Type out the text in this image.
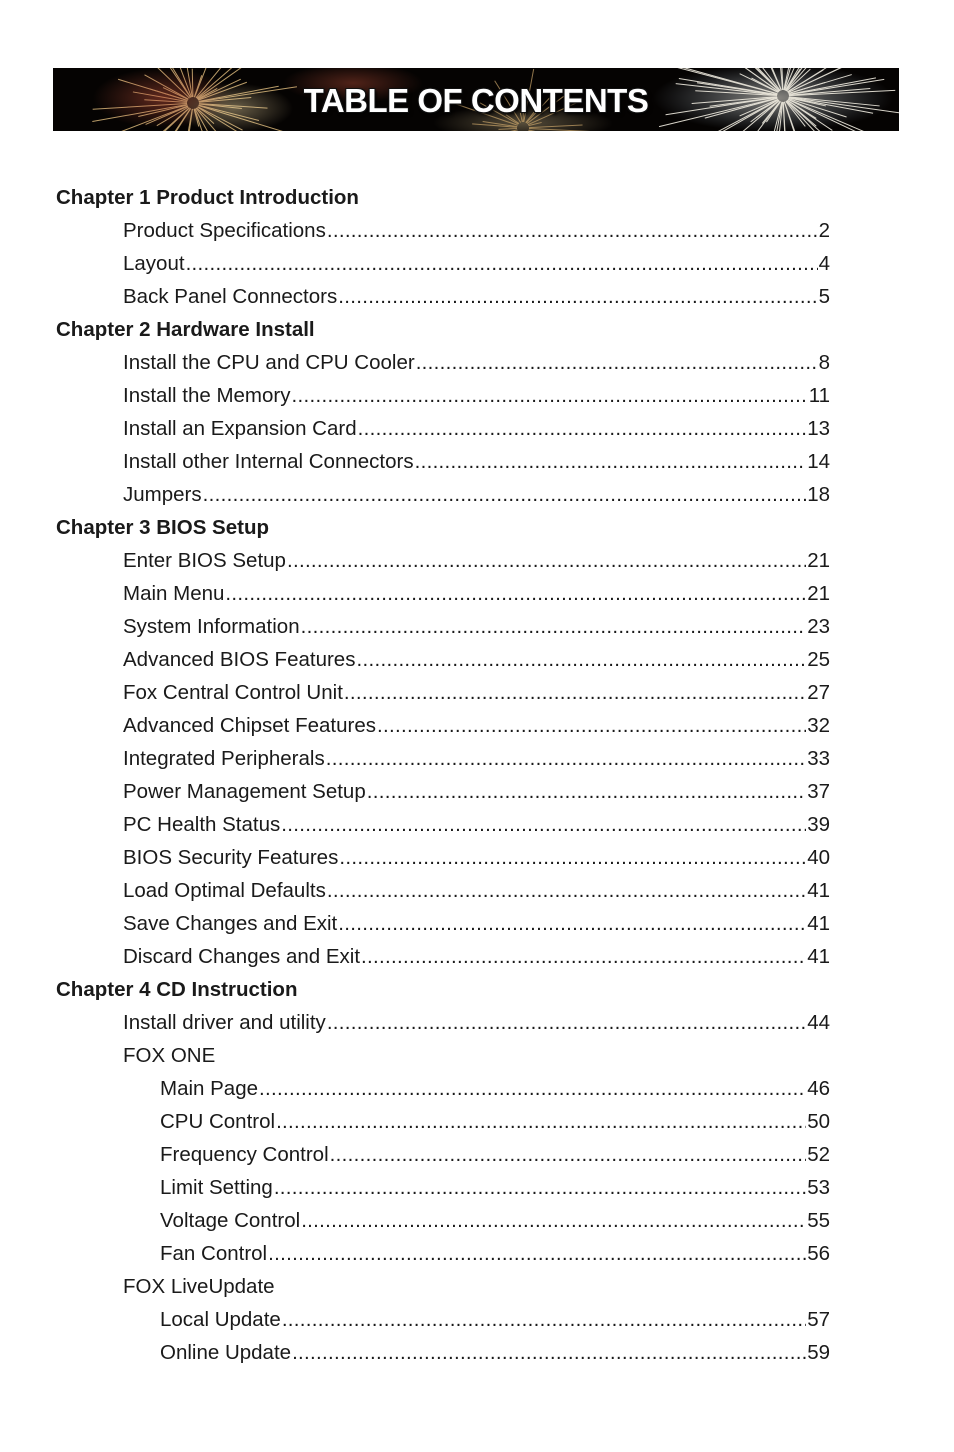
TABLE OF CONTENTS
Chapter 1 Product Introduction
Product Specifications .....	2
Layout .....	4
Back Panel Connectors .....	5
Chapter 2 Hardware Install
Install the CPU and CPU Cooler .....	8
Install the Memory .....	11
Install an Expansion Card .....	13
Install other Internal Connectors .....	14
Jumpers .....	18
Chapter 3 BIOS Setup
Enter BIOS Setup .....	21
Main Menu .....	21
System Information .....	23
Advanced BIOS Features .....	25
Fox Central Control Unit .....	27
Advanced Chipset Features .....	32
Integrated Peripherals .....	33
Power Management Setup .....	37
PC Health Status .....	39
BIOS Security Features .....	40
Load Optimal Defaults .....	41
Save Changes and Exit .....	41
Discard Changes and Exit .....	41
Chapter 4 CD Instruction
Install driver and utility .....	44
FOX ONE
Main Page .....	46
CPU Control .....	50
Frequency Control .....	52
Limit Setting .....	53
Voltage Control .....	55
Fan Control .....	56
FOX LiveUpdate
Local Update .....	57
Online Update .....	59
